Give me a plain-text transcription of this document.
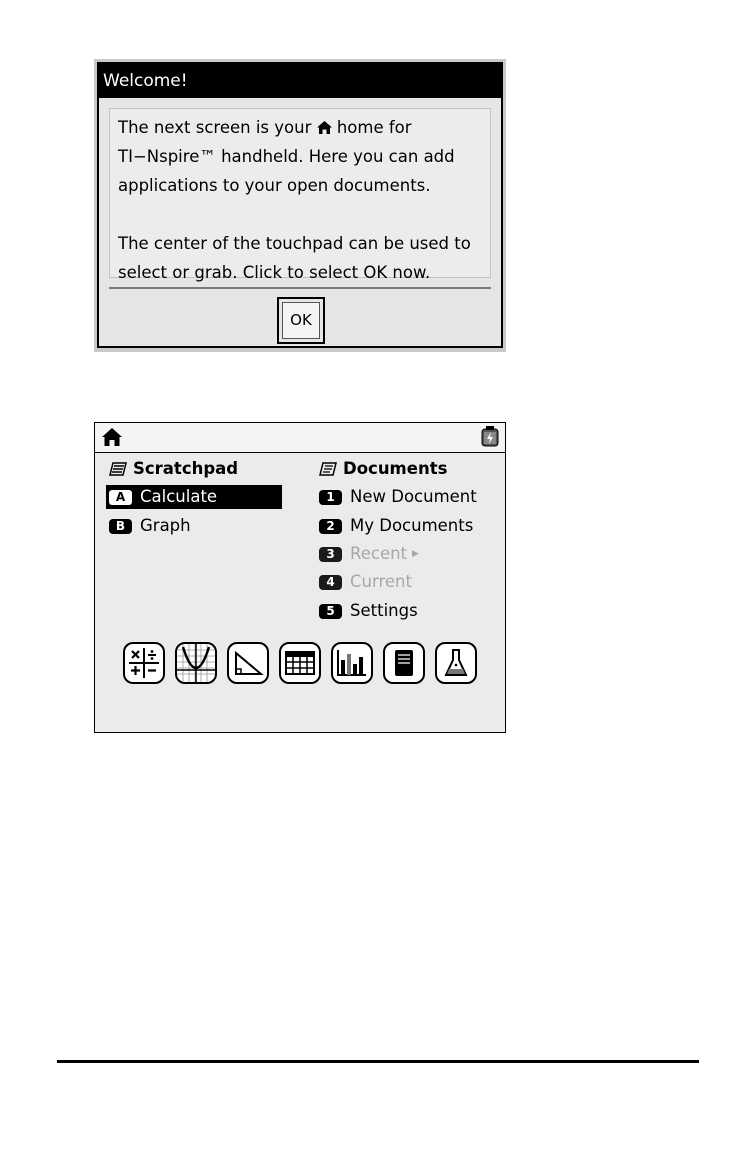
Welcome!

The next screen is your  home for
TI−Nspire™ handheld. Here you can add
applications to your open documents.

The center of the touchpad can be used to
select or grab. Click to select OK now.

OK
Scratchpad
A Calculate
B Graph
Documents
1 New Document
2 My Documents
3 Recent ▶
4 Current
5 Settings
